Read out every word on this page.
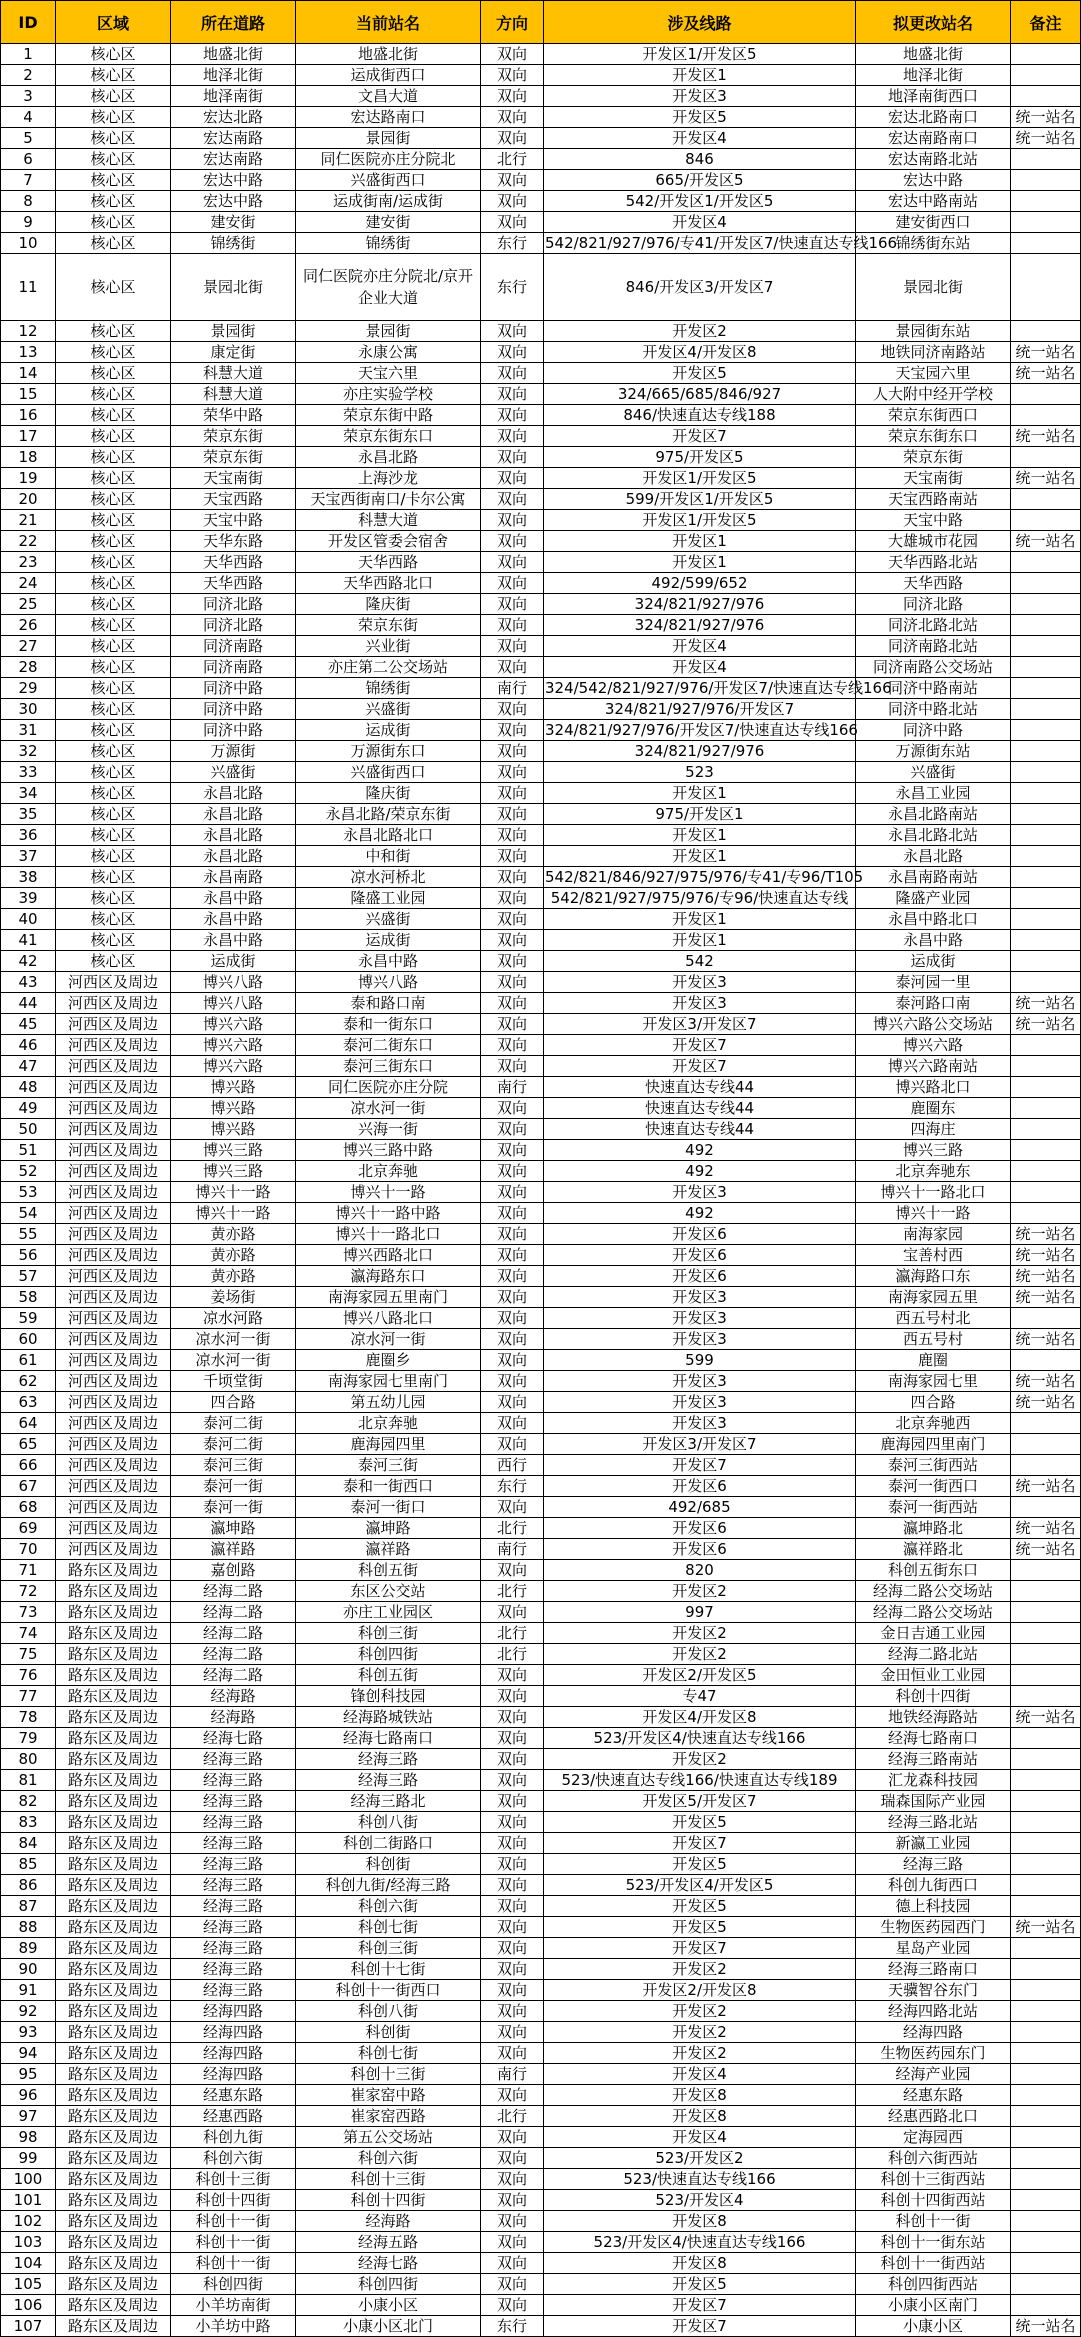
ID	区域	所在道路	当前站名	方向	涉及线路	拟更改站名	备注
1	核心区	地盛北街	地盛北街	双向	开发区1/开发区5	地盛北街	
2	核心区	地泽北街	运成街西口	双向	开发区1	地泽北街	
3	核心区	地泽南街	文昌大道	双向	开发区3	地泽南街西口	
4	核心区	宏达北路	宏达路南口	双向	开发区5	宏达北路南口	统一站名
5	核心区	宏达南路	景园街	双向	开发区4	宏达南路南口	统一站名
6	核心区	宏达南路	同仁医院亦庄分院北	北行	846	宏达南路北站	
7	核心区	宏达中路	兴盛街西口	双向	665/开发区5	宏达中路	
8	核心区	宏达中路	运成街南/运成街	双向	542/开发区1/开发区5	宏达中路南站	
9	核心区	建安街	建安街	双向	开发区4	建安街西口	
10	核心区	锦绣街	锦绣街	东行	542/821/927/976/专41/开发区7/快速直达专线166	锦绣街东站	
11	核心区	景园北街	同仁医院亦庄分院北/京开企业大道	东行	846/开发区3/开发区7	景园北街	
12	核心区	景园街	景园街	双向	开发区2	景园街东站	
13	核心区	康定街	永康公寓	双向	开发区4/开发区8	地铁同济南路站	统一站名
14	核心区	科慧大道	天宝六里	双向	开发区5	天宝园六里	统一站名
15	核心区	科慧大道	亦庄实验学校	双向	324/665/685/846/927	人大附中经开学校	
16	核心区	荣华中路	荣京东街中路	双向	846/快速直达专线188	荣京东街西口	
17	核心区	荣京东街	荣京东街东口	双向	开发区7	荣京东街东口	统一站名
18	核心区	荣京东街	永昌北路	双向	975/开发区5	荣京东街	
19	核心区	天宝南街	上海沙龙	双向	开发区1/开发区5	天宝南街	统一站名
20	核心区	天宝西路	天宝西街南口/卡尔公寓	双向	599/开发区1/开发区5	天宝西路南站	
21	核心区	天宝中路	科慧大道	双向	开发区1/开发区5	天宝中路	
22	核心区	天华东路	开发区管委会宿舍	双向	开发区1	大雄城市花园	统一站名
23	核心区	天华西路	天华西路	双向	开发区1	天华西路北站	
24	核心区	天华西路	天华西路北口	双向	492/599/652	天华西路	
25	核心区	同济北路	隆庆街	双向	324/821/927/976	同济北路	
26	核心区	同济北路	荣京东街	双向	324/821/927/976	同济北路北站	
27	核心区	同济南路	兴业街	双向	开发区4	同济南路北站	
28	核心区	同济南路	亦庄第二公交场站	双向	开发区4	同济南路公交场站	
29	核心区	同济中路	锦绣街	南行	324/542/821/927/976/开发区7/快速直达专线166	同济中路南站	
30	核心区	同济中路	兴盛街	双向	324/821/927/976/开发区7	同济中路北站	
31	核心区	同济中路	运成街	双向	324/821/927/976/开发区7/快速直达专线166	同济中路	
32	核心区	万源街	万源街东口	双向	324/821/927/976	万源街东站	
33	核心区	兴盛街	兴盛街西口	双向	523	兴盛街	
34	核心区	永昌北路	隆庆街	双向	开发区1	永昌工业园	
35	核心区	永昌北路	永昌北路/荣京东街	双向	975/开发区1	永昌北路南站	
36	核心区	永昌北路	永昌北路北口	双向	开发区1	永昌北路北站	
37	核心区	永昌北路	中和街	双向	开发区1	永昌北路	
38	核心区	永昌南路	凉水河桥北	双向	542/821/846/927/975/976/专41/专96/T105	永昌南路南站	
39	核心区	永昌中路	隆盛工业园	双向	542/821/927/975/976/专96/快速直达专线	隆盛产业园	
40	核心区	永昌中路	兴盛街	双向	开发区1	永昌中路北口	
41	核心区	永昌中路	运成街	双向	开发区1	永昌中路	
42	核心区	运成街	永昌中路	双向	542	运成街	
43	河西区及周边	博兴八路	博兴八路	双向	开发区3	泰河园一里	
44	河西区及周边	博兴八路	泰和路口南	双向	开发区3	泰河路口南	统一站名
45	河西区及周边	博兴六路	泰和一街东口	双向	开发区3/开发区7	博兴六路公交场站	统一站名
46	河西区及周边	博兴六路	泰河二街东口	双向	开发区7	博兴六路	
47	河西区及周边	博兴六路	泰河三街东口	双向	开发区7	博兴六路南站	
48	河西区及周边	博兴路	同仁医院亦庄分院	南行	快速直达专线44	博兴路北口	
49	河西区及周边	博兴路	凉水河一街	双向	快速直达专线44	鹿圈东	
50	河西区及周边	博兴路	兴海一街	双向	快速直达专线44	四海庄	
51	河西区及周边	博兴三路	博兴三路中路	双向	492	博兴三路	
52	河西区及周边	博兴三路	北京奔驰	双向	492	北京奔驰东	
53	河西区及周边	博兴十一路	博兴十一路	双向	开发区3	博兴十一路北口	
54	河西区及周边	博兴十一路	博兴十一路中路	双向	492	博兴十一路	
55	河西区及周边	黄亦路	博兴十一路北口	双向	开发区6	南海家园	统一站名
56	河西区及周边	黄亦路	博兴西路北口	双向	开发区6	宝善村西	统一站名
57	河西区及周边	黄亦路	瀛海路东口	双向	开发区6	瀛海路口东	统一站名
58	河西区及周边	姜场街	南海家园五里南门	双向	开发区3	南海家园五里	统一站名
59	河西区及周边	凉水河路	博兴八路北口	双向	开发区3	西五号村北	
60	河西区及周边	凉水河一街	凉水河一街	双向	开发区3	西五号村	统一站名
61	河西区及周边	凉水河一街	鹿圈乡	双向	599	鹿圈	
62	河西区及周边	千顷堂街	南海家园七里南门	双向	开发区3	南海家园七里	统一站名
63	河西区及周边	四合路	第五幼儿园	双向	开发区3	四合路	统一站名
64	河西区及周边	泰河二街	北京奔驰	双向	开发区3	北京奔驰西	
65	河西区及周边	泰河二街	鹿海园四里	双向	开发区3/开发区7	鹿海园四里南门	
66	河西区及周边	泰河三街	泰河三街	西行	开发区7	泰河三街西站	
67	河西区及周边	泰河一街	泰和一街西口	东行	开发区6	泰河一街西口	统一站名
68	河西区及周边	泰河一街	泰河一街口	双向	492/685	泰河一街西站	
69	河西区及周边	瀛坤路	瀛坤路	北行	开发区6	瀛坤路北	统一站名
70	河西区及周边	瀛祥路	瀛祥路	南行	开发区6	瀛祥路北	统一站名
71	路东区及周边	嘉创路	科创五街	双向	820	科创五街东口	
72	路东区及周边	经海二路	东区公交站	北行	开发区2	经海二路公交场站	
73	路东区及周边	经海二路	亦庄工业园区	双向	997	经海二路公交场站	
74	路东区及周边	经海二路	科创三街	北行	开发区2	金日吉通工业园	
75	路东区及周边	经海二路	科创四街	北行	开发区2	经海二路北站	
76	路东区及周边	经海二路	科创五街	双向	开发区2/开发区5	金田恒业工业园	
77	路东区及周边	经海路	锋创科技园	双向	专47	科创十四街	
78	路东区及周边	经海路	经海路城铁站	双向	开发区4/开发区8	地铁经海路站	统一站名
79	路东区及周边	经海七路	经海七路南口	双向	523/开发区4/快速直达专线166	经海七路南口	
80	路东区及周边	经海三路	经海三路	双向	开发区2	经海三路南站	
81	路东区及周边	经海三路	经海三路	双向	523/快速直达专线166/快速直达专线189	汇龙森科技园	
82	路东区及周边	经海三路	经海三路北	双向	开发区5/开发区7	瑞森国际产业园	
83	路东区及周边	经海三路	科创八街	双向	开发区5	经海三路北站	
84	路东区及周边	经海三路	科创二街路口	双向	开发区7	新瀛工业园	
85	路东区及周边	经海三路	科创街	双向	开发区5	经海三路	
86	路东区及周边	经海三路	科创九街/经海三路	双向	523/开发区4/开发区5	科创九街西口	
87	路东区及周边	经海三路	科创六街	双向	开发区5	德上科技园	
88	路东区及周边	经海三路	科创七街	双向	开发区5	生物医药园西门	统一站名
89	路东区及周边	经海三路	科创三街	双向	开发区7	星岛产业园	
90	路东区及周边	经海三路	科创十七街	双向	开发区2	经海三路南口	
91	路东区及周边	经海三路	科创十一街西口	双向	开发区2/开发区8	天骥智谷东门	
92	路东区及周边	经海四路	科创八街	双向	开发区2	经海四路北站	
93	路东区及周边	经海四路	科创街	双向	开发区2	经海四路	
94	路东区及周边	经海四路	科创七街	双向	开发区2	生物医药园东门	
95	路东区及周边	经海四路	科创十三街	南行	开发区4	经海产业园	
96	路东区及周边	经惠东路	崔家窑中路	双向	开发区8	经惠东路	
97	路东区及周边	经惠西路	崔家窑西路	北行	开发区8	经惠西路北口	
98	路东区及周边	科创九街	第五公交场站	双向	开发区4	定海园西	
99	路东区及周边	科创六街	科创六街	双向	523/开发区2	科创六街西站	
100	路东区及周边	科创十三街	科创十三街	双向	523/快速直达专线166	科创十三街西站	
101	路东区及周边	科创十四街	科创十四街	双向	523/开发区4	科创十四街西站	
102	路东区及周边	科创十一街	经海路	双向	开发区8	科创十一街	
103	路东区及周边	科创十一街	经海五路	双向	523/开发区4/快速直达专线166	科创十一街东站	
104	路东区及周边	科创十一街	经海七路	双向	开发区8	科创十一街西站	
105	路东区及周边	科创四街	科创四街	双向	开发区5	科创四街西站	
106	路东区及周边	小羊坊南街	小康小区	双向	开发区7	小康小区南门	
107	路东区及周边	小羊坊中路	小康小区北门	东行	开发区7	小康小区	统一站名
